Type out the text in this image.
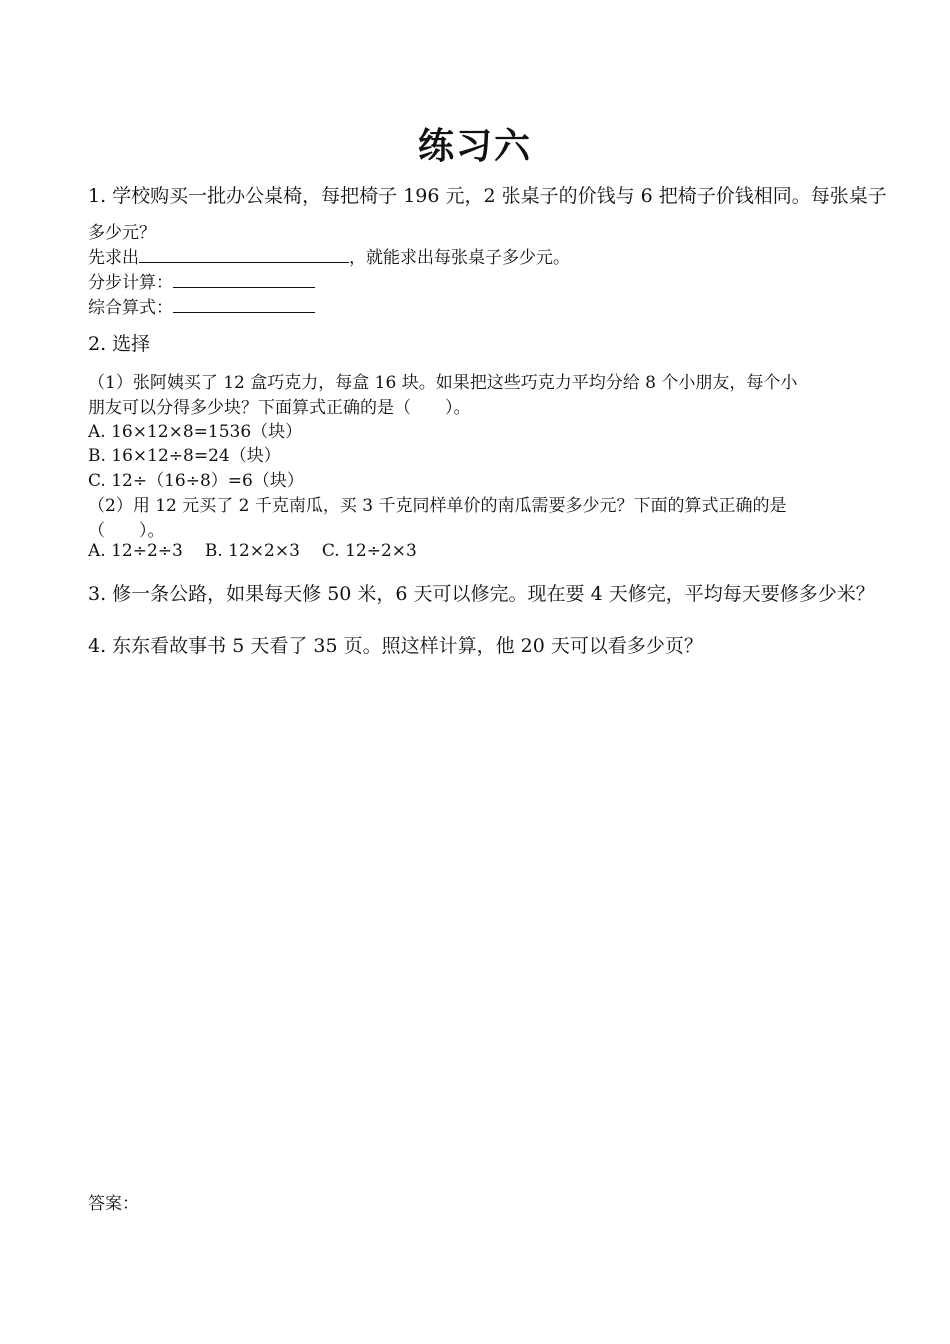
练习六
1. 学校购买一批办公桌椅，每把椅子 196 元，2 张桌子的价钱与 6 把椅子价钱相同。每张桌子
多少元？
先求出	，就能求出每张桌子多少元。
分步计算：
综合算式：
2. 选择
（1）张阿姨买了 12 盒巧克力，每盒 16 块。如果把这些巧克力平均分给 8 个小朋友，每个小
朋友可以分得多少块？下面算式正确的是（　　）。
A. 16×12×8=1536（块）
B. 16×12÷8=24（块）
C. 12÷（16÷8）=6（块）
（2）用 12 元买了 2 千克南瓜，买 3 千克同样单价的南瓜需要多少元？下面的算式正确的是
（　　）。
A. 12÷2÷3 B. 12×2×3 C. 12÷2×3
3. 修一条公路，如果每天修 50 米，6 天可以修完。现在要 4 天修完，平均每天要修多少米？
4. 东东看故事书 5 天看了 35 页。照这样计算，他 20 天可以看多少页？
答案：
